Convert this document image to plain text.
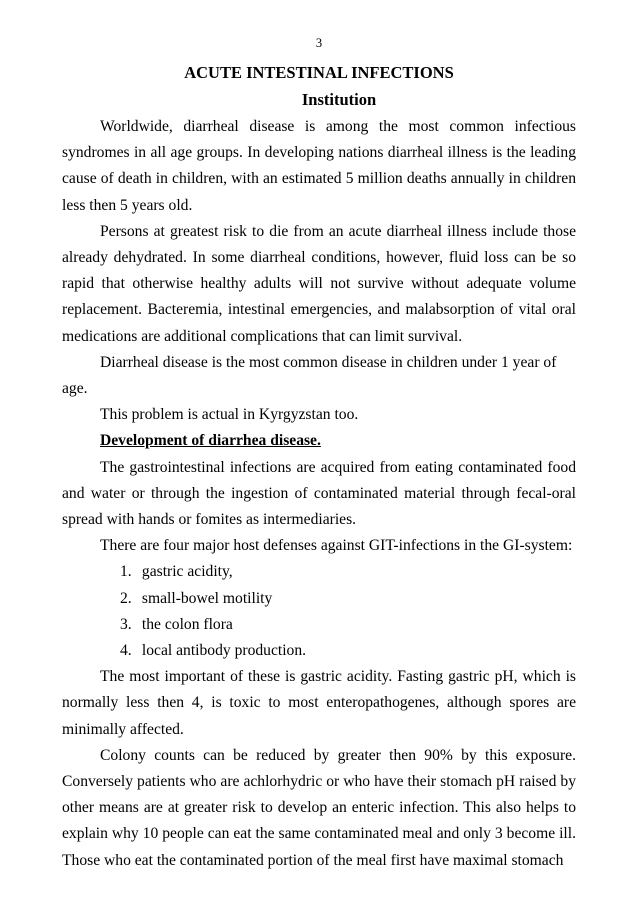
3
ACUTE INTESTINAL INFECTIONS
Institution

Worldwide, diarrheal disease is among the most common infectious syndromes in all age groups. In developing nations diarrheal illness is the leading cause of death in children, with an estimated 5 million deaths annually in children less then 5 years old.

Persons at greatest risk to die from an acute diarrheal illness include those already dehydrated. In some diarrheal conditions, however, fluid loss can be so rapid that otherwise healthy adults will not survive without adequate volume replacement. Bacteremia, intestinal emergencies, and malabsorption of vital oral medications are additional complications that can limit survival.

Diarrheal disease is the most common disease in children under 1 year of age.

This problem is actual in Kyrgyzstan too.

Development of diarrhea disease.

The gastrointestinal infections are acquired from eating contaminated food and water or through the ingestion of contaminated material through fecal-oral spread with hands or fomites as intermediaries.

There are four major host defenses against GIT-infections in the GI-system:

1. gastric acidity,
2. small-bowel motility
3. the colon flora
4. local antibody production.

The most important of these is gastric acidity. Fasting gastric pH, which is normally less then 4, is toxic to most enteropathogenes, although spores are minimally affected.

Colony counts can be reduced by greater then 90% by this exposure. Conversely patients who are achlorhydric or who have their stomach pH raised by other means are at greater risk to develop an enteric infection. This also helps to explain why 10 people can eat the same contaminated meal and only 3 become ill. Those who eat the contaminated portion of the meal first have maximal stomach
